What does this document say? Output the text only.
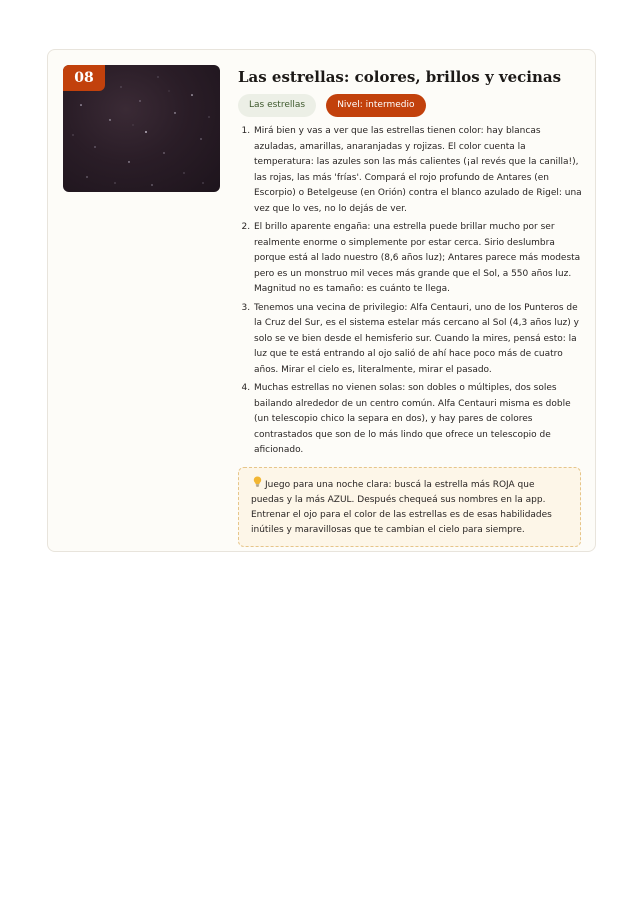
08	Las estrellas: colores, brillos y vecinas
Las estrellas	Nivel: intermedio
1. Mirá bien y vas a ver que las estrellas tienen color: hay blancas azuladas, amarillas, anaranjadas y rojizas. El color cuenta la temperatura: las azules son las más calientes (¡al revés que la canilla!), las rojas, las más 'frías'. Compará el rojo profundo de Antares (en Escorpio) o Betelgeuse (en Orión) contra el blanco azulado de Rigel: una vez que lo ves, no lo dejás de ver.
2. El brillo aparente engaña: una estrella puede brillar mucho por ser realmente enorme o simplemente por estar cerca. Sirio deslumbra porque está al lado nuestro (8,6 años luz); Antares parece más modesta pero es un monstruo mil veces más grande que el Sol, a 550 años luz. Magnitud no es tamaño: es cuánto te llega.
3. Tenemos una vecina de privilegio: Alfa Centauri, uno de los Punteros de la Cruz del Sur, es el sistema estelar más cercano al Sol (4,3 años luz) y solo se ve bien desde el hemisferio sur. Cuando la mires, pensá esto: la luz que te está entrando al ojo salió de ahí hace poco más de cuatro años. Mirar el cielo es, literalmente, mirar el pasado.
4. Muchas estrellas no vienen solas: son dobles o múltiples, dos soles bailando alrededor de un centro común. Alfa Centauri misma es doble (un telescopio chico la separa en dos), y hay pares de colores contrastados que son de lo más lindo que ofrece un telescopio de aficionado.
Juego para una noche clara: buscá la estrella más ROJA que puedas y la más AZUL. Después chequeá sus nombres en la app. Entrenar el ojo para el color de las estrellas es de esas habilidades inútiles y maravillosas que te cambian el cielo para siempre.
